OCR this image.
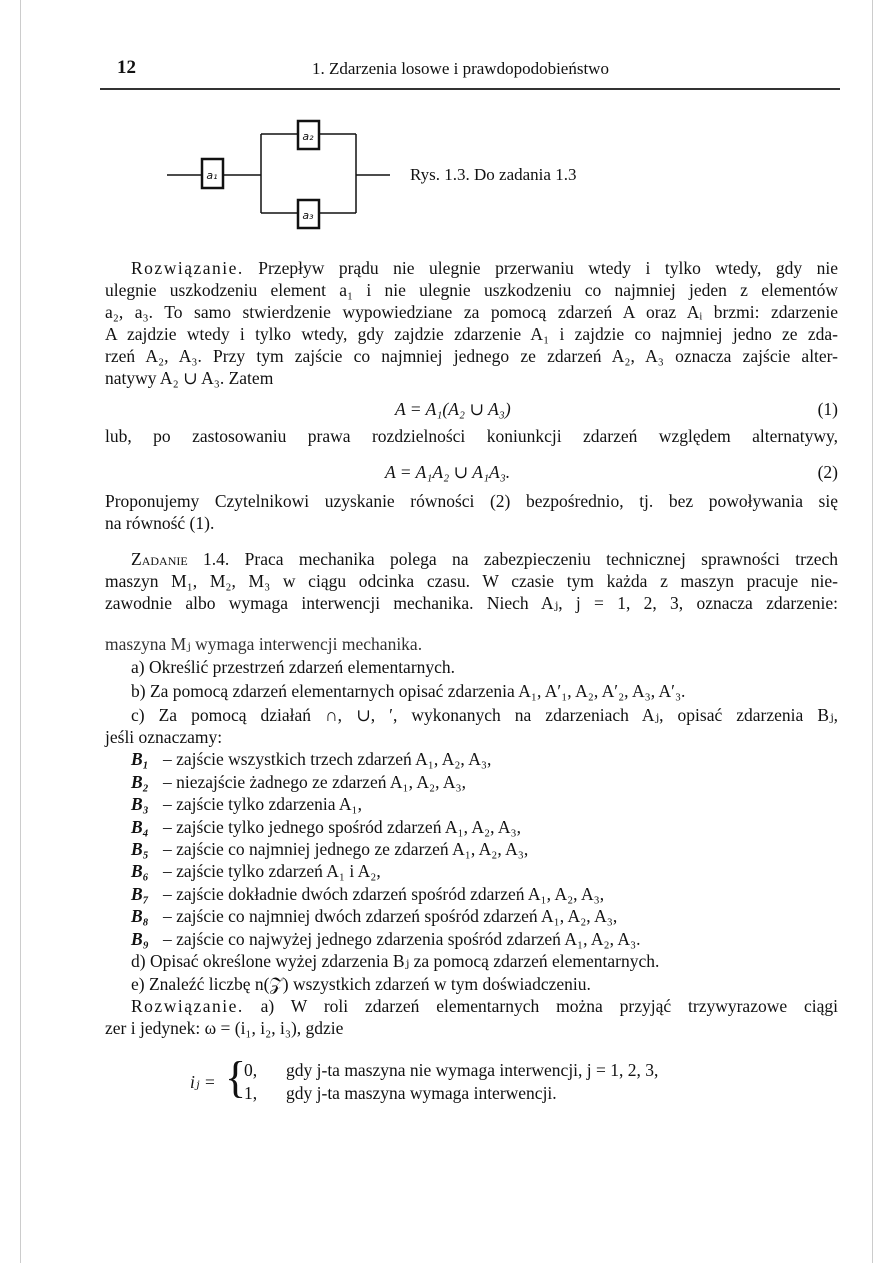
12	1. Zdarzenia losowe i prawdopodobieństwo
a₁
a₂
a₃
Rys. 1.3. Do zadania 1.3
Rozwiązanie. Przepływ prądu nie ulegnie przerwaniu wtedy i tylko wtedy, gdy nie
ulegnie uszkodzeniu element a₁ i nie ulegnie uszkodzeniu co najmniej jeden z elementów
a₂, a₃. To samo stwierdzenie wypowiedziane za pomocą zdarzeń A oraz Aᵢ brzmi: zdarzenie
A zajdzie wtedy i tylko wtedy, gdy zajdzie zdarzenie A₁ i zajdzie co najmniej jedno ze zda-
rzeń A₂, A₃. Przy tym zajście co najmniej jednego ze zdarzeń A₂, A₃ oznacza zajście alter-
natywy A₂ ∪ A₃. Zatem
A = A₁(A₂ ∪ A₃)	(1)
lub, po zastosowaniu prawa rozdzielności koniunkcji zdarzeń względem alternatywy,
A = A₁A₂ ∪ A₁A₃.	(2)
Proponujemy Czytelnikowi uzyskanie równości (2) bezpośrednio, tj. bez powoływania się
na równość (1).
Zadanie 1.4. Praca mechanika polega na zabezpieczeniu technicznej sprawności trzech
maszyn M₁, M₂, M₃ w ciągu odcinka czasu. W czasie tym każda z maszyn pracuje nie-
zawodnie albo wymaga interwencji mechanika. Niech Aⱼ, j = 1, 2, 3, oznacza zdarzenie:
maszyna Mⱼ wymaga interwencji mechanika.
a) Określić przestrzeń zdarzeń elementarnych.
b) Za pomocą zdarzeń elementarnych opisać zdarzenia A₁, A′₁, A₂, A′₂, A₃, A′₃.
c) Za pomocą działań ∩, ∪, ′, wykonanych na zdarzeniach Aⱼ, opisać zdarzenia Bⱼ,
jeśli oznaczamy:
B₁ – zajście wszystkich trzech zdarzeń A₁, A₂, A₃,
B₂ – niezajście żadnego ze zdarzeń A₁, A₂, A₃,
B₃ – zajście tylko zdarzenia A₁,
B₄ – zajście tylko jednego spośród zdarzeń A₁, A₂, A₃,
B₅ – zajście co najmniej jednego ze zdarzeń A₁, A₂, A₃,
B₆ – zajście tylko zdarzeń A₁ i A₂,
B₇ – zajście dokładnie dwóch zdarzeń spośród zdarzeń A₁, A₂, A₃,
B₈ – zajście co najmniej dwóch zdarzeń spośród zdarzeń A₁, A₂, A₃,
B₉ – zajście co najwyżej jednego zdarzenia spośród zdarzeń A₁, A₂, A₃.
d) Opisać określone wyżej zdarzenia Bⱼ za pomocą zdarzeń elementarnych.
e) Znaleźć liczbę n(𝒵) wszystkich zdarzeń w tym doświadczeniu.
Rozwiązanie. a) W roli zdarzeń elementarnych można przyjąć trzywyrazowe ciągi
zer i jedynek: ω = (i₁, i₂, i₃), gdzie
iⱼ = {
0, gdy j-ta maszyna nie wymaga interwencji, j = 1, 2, 3,
1, gdy j-ta maszyna wymaga interwencji.
